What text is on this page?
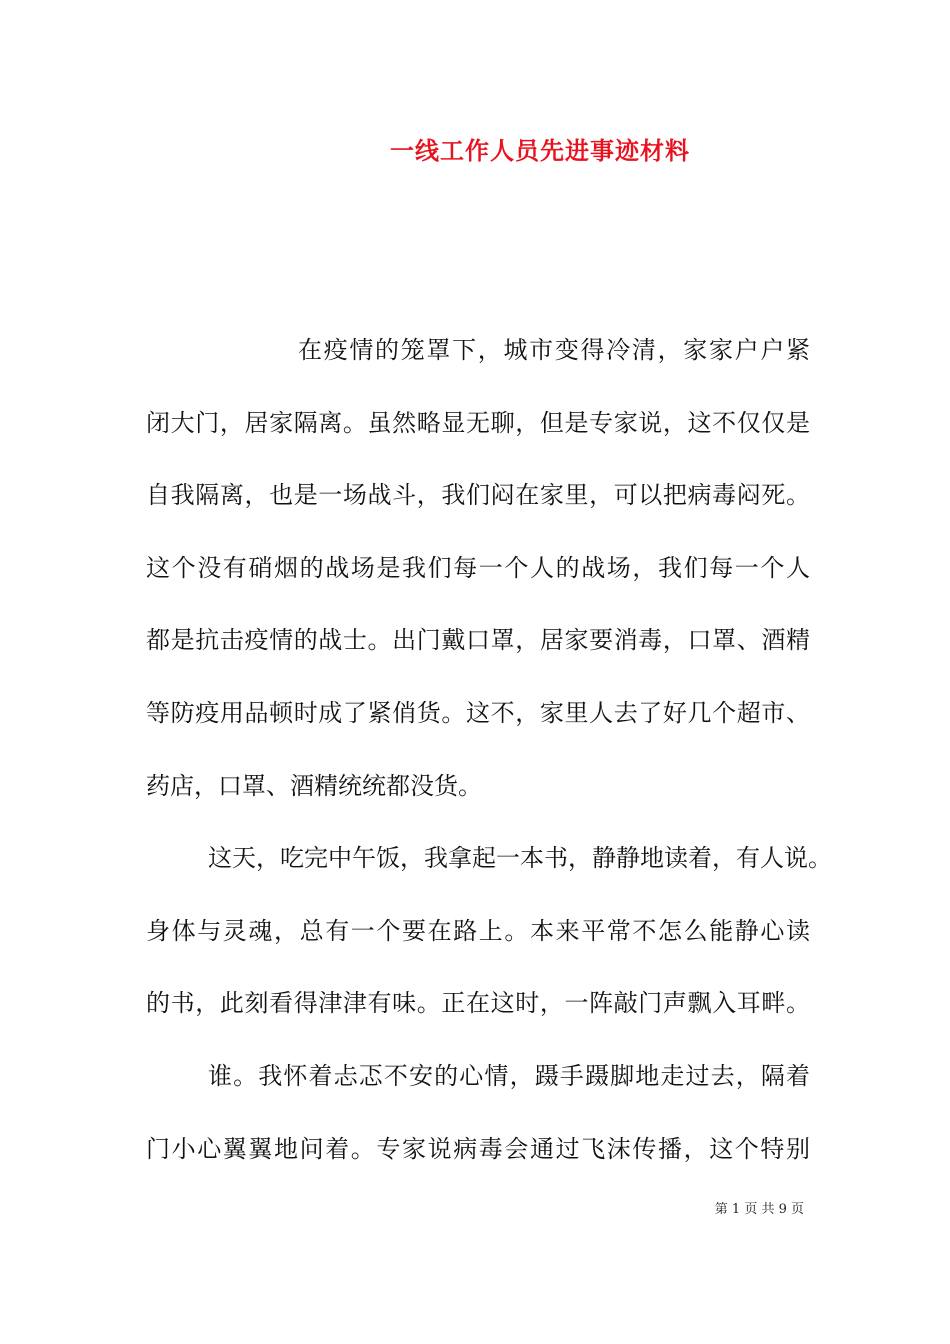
一线工作人员先进事迹材料
在疫情的笼罩下，城市变得冷清，家家户户紧
闭大门，居家隔离。虽然略显无聊，但是专家说，这不仅仅是
自我隔离，也是一场战斗，我们闷在家里，可以把病毒闷死。
这个没有硝烟的战场是我们每一个人的战场，我们每一个人
都是抗击疫情的战士。出门戴口罩，居家要消毒，口罩、酒精
等防疫用品顿时成了紧俏货。这不，家里人去了好几个超市、
药店，口罩、酒精统统都没货。
这天，吃完中午饭，我拿起一本书，静静地读着，有人说。
身体与灵魂，总有一个要在路上。本来平常不怎么能静心读
的书，此刻看得津津有味。正在这时，一阵敲门声飘入耳畔。
谁。我怀着忐忑不安的心情，蹑手蹑脚地走过去，隔着
门小心翼翼地问着。专家说病毒会通过飞沫传播，这个特别
第 1 页 共 9 页
